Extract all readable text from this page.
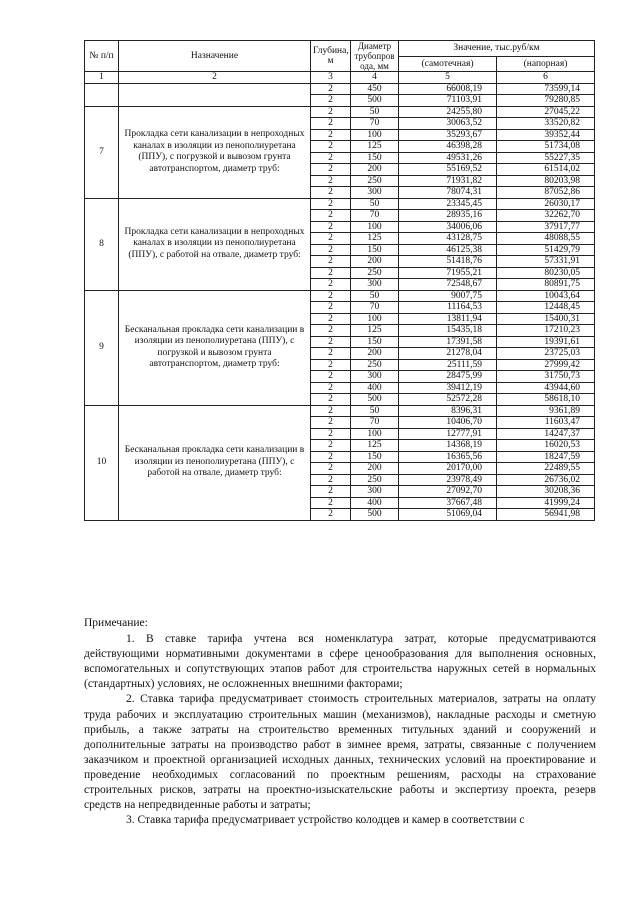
№ п/п	Назначение	Глубина, м	Диаметр трубопров ода, мм	Значение, тыс.руб/км	
				(самотечная)	(напорная)
1	2	3	4	5	6
		2	450	66008,19	73599,14
		2	500	71103,91	79280,85
7	Прокладка сети канализации в непроходных каналах в изоляции из пенополиуретана (ППУ), с погрузкой и вывозом грунта автотранспортом, диаметр труб:	2	50	24255,80	27045,22
		2	70	30063,52	33520,82
		2	100	35293,67	39352,44
		2	125	46398,28	51734,08
		2	150	49531,26	55227,35
		2	200	55169,52	61514,02
		2	250	71931,82	80203,98
		2	300	78074,31	87052,86
8	Прокладка сети канализации в непроходных каналах в изоляции из пенополиуретана (ППУ), с работой на отвале, диаметр труб:	2	50	23345,45	26030,17
		2	70	28935,16	32262,70
		2	100	34006,06	37917,77
		2	125	43128,75	48088,55
		2	150	46125,38	51429,79
		2	200	51418,76	57331,91
		2	250	71955,21	80230,05
		2	300	72548,67	80891,75
9	Бесканальная прокладка сети канализации в изоляции из пенополиуретана (ППУ), с погрузкой и вывозом грунта автотранспортом, диаметр труб:	2	50	9007,75	10043,64
		2	70	11164,53	12448,45
		2	100	13811,94	15400,31
		2	125	15435,18	17210,23
		2	150	17391,58	19391,61
		2	200	21278,04	23725,03
		2	250	25111,59	27999,42
		2	300	28475,99	31750,73
		2	400	39412,19	43944,60
		2	500	52572,28	58618,10
10	Бесканальная прокладка сети канализации в изоляции из пенополиуретана (ППУ), с работой на отвале, диаметр труб:	2	50	8396,31	9361,89
		2	70	10406,70	11603,47
		2	100	12777,91	14247,37
		2	125	14368,19	16020,53
		2	150	16365,56	18247,59
		2	200	20170,00	22489,55
		2	250	23978,49	26736,02
		2	300	27092,70	30208,36
		2	400	37667,48	41999,24
		2	500	51069,04	56941,98

Примечание:

1. В ставке тарифа учтена вся номенклатура затрат, которые предусматриваются действующими нормативными документами в сфере ценообразования для выполнения основных, вспомогательных и сопутствующих этапов работ для строительства наружных сетей в нормальных (стандартных) условиях, не осложненных внешними факторами;

2. Ставка тарифа предусматривает стоимость строительных материалов, затраты на оплату труда рабочих и эксплуатацию строительных машин (механизмов), накладные расходы и сметную прибыль, а также затраты на строительство временных титульных зданий и сооружений и дополнительные затраты на производство работ в зимнее время, затраты, связанные с получением заказчиком и проектной организацией исходных данных, технических условий на проектирование и проведение необходимых согласований по проектным решениям, расходы на страхование строительных рисков, затраты на проектно-изыскательские работы и экспертизу проекта, резерв средств на непредвиденные работы и затраты;

3. Ставка тарифа предусматривает устройство колодцев и камер в соответствии с
